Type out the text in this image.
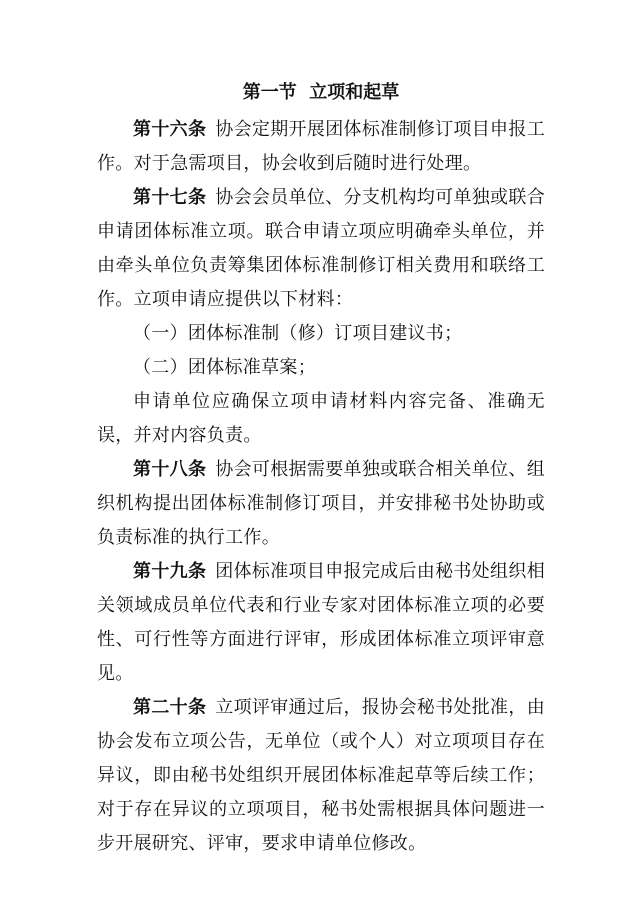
第一节  立项和起草

第十六条 协会定期开展团体标准制修订项目申报工作。对于急需项目，协会收到后随时进行处理。

第十七条 协会会员单位、分支机构均可单独或联合申请团体标准立项。联合申请立项应明确牵头单位，并由牵头单位负责筹集团体标准制修订相关费用和联络工作。立项申请应提供以下材料：

（一）团体标准制（修）订项目建议书；

（二）团体标准草案；

申请单位应确保立项申请材料内容完备、准确无误，并对内容负责。

第十八条 协会可根据需要单独或联合相关单位、组织机构提出团体标准制修订项目，并安排秘书处协助或负责标准的执行工作。

第十九条 团体标准项目申报完成后由秘书处组织相关领域成员单位代表和行业专家对团体标准立项的必要性、可行性等方面进行评审，形成团体标准立项评审意见。

第二十条 立项评审通过后，报协会秘书处批准，由协会发布立项公告，无单位（或个人）对立项项目存在异议，即由秘书处组织开展团体标准起草等后续工作；对于存在异议的立项项目，秘书处需根据具体问题进一步开展研究、评审，要求申请单位修改。
